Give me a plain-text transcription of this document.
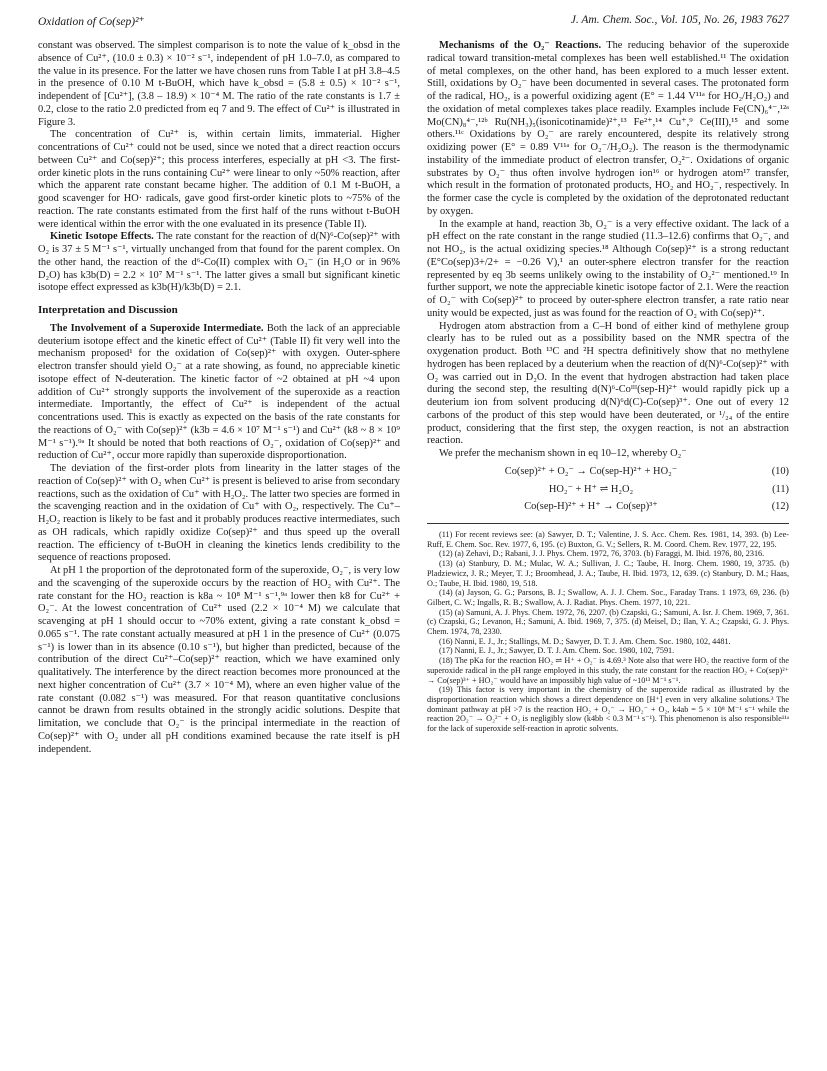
Oxidation of Co(sep)²⁺	J. Am. Chem. Soc., Vol. 105, No. 26, 1983 7627

constant was observed. The simplest comparison is to note the value of k_obsd in the absence of Cu²⁺, (10.0 ± 0.3) × 10⁻² s⁻¹, independent of pH 1.0–7.0, as compared to the value in its presence. For the latter we have chosen runs from Table I at pH 3.8–4.5 in the presence of 0.10 M t-BuOH, which have k_obsd = (5.8 ± 0.5) × 10⁻² s⁻¹, independent of [Cu²⁺], (3.8 – 18.9) × 10⁻⁴ M. The ratio of the rate constants is 1.7 ± 0.2, close to the ratio 2.0 predicted from eq 7 and 9. The effect of Cu²⁺ is illustrated in Figure 3.

The concentration of Cu²⁺ is, within certain limits, immaterial. Higher concentrations of Cu²⁺ could not be used, since we noted that a direct reaction occurs between Cu²⁺ and Co(sep)²⁺; this process interferes, especially at pH <3. The first-order kinetic plots in the runs containing Cu²⁺ were linear to only ~50% reaction, after which the apparent rate constant became higher. The addition of 0.1 M t-BuOH, a good scavenger for HO· radicals, gave good first-order kinetic plots to ~75% of the reaction. The rate constants estimated from the first half of the runs without t-BuOH were identical within the error with the one evaluated in its presence (Table II).

Kinetic Isotope Effects. The rate constant for the reaction of d(N)⁶-Co(sep)²⁺ with O₂ is 37 ± 5 M⁻¹ s⁻¹, virtually unchanged from that found for the parent complex. On the other hand, the reaction of the d⁶-Co(II) complex with O₂⁻ (in H₂O or in 96% D₂O) has k3b(D) = 2.2 × 10⁷ M⁻¹ s⁻¹. The latter gives a small but significant kinetic isotope effect expressed as k3b(H)/k3b(D) = 2.1.

Interpretation and Discussion

The Involvement of a Superoxide Intermediate. Both the lack of an appreciable deuterium isotope effect and the kinetic effect of Cu²⁺ (Table II) fit very well into the mechanism proposed¹ for the oxidation of Co(sep)²⁺ with oxygen. Outer-sphere electron transfer should yield O₂⁻ at a rate showing, as found, no appreciable kinetic isotope effect of N-deuteration. The kinetic factor of ~2 obtained at pH ~4 upon addition of Cu²⁺ strongly supports the involvement of the superoxide as a reaction intermediate. Importantly, the effect of Cu²⁺ is independent of the actual concentrations used. This is exactly as expected on the basis of the rate constants for the reactions of O₂⁻ with Co(sep)²⁺ (k3b = 4.6 × 10⁷ M⁻¹ s⁻¹) and Cu²⁺ (k8 ~ 8 × 10⁹ M⁻¹ s⁻¹).⁹ᵃ It should be noted that both reactions of O₂⁻, oxidation of Co(sep)²⁺ and reduction of Cu²⁺, occur more rapidly than superoxide disproportionation.

The deviation of the first-order plots from linearity in the latter stages of the reaction of Co(sep)²⁺ with O₂ when Cu²⁺ is present is believed to arise from secondary reactions, such as the oxidation of Cu⁺ with H₂O₂. The latter two species are formed in the scavenging reaction and in the oxidation of Cu⁺ with O₂, respectively. The Cu⁺–H₂O₂ reaction is likely to be fast and it probably produces reactive intermediates, such as OH radicals, which rapidly oxidize Co(sep)²⁺ and thus speed up the overall reaction. The efficiency of t-BuOH in cleaning the kinetics lends credibility to the sequence of reactions proposed.

At pH 1 the proportion of the deprotonated form of the superoxide, O₂⁻, is very low and the scavenging of the superoxide occurs by the reaction of HO₂ with Cu²⁺. The rate constant for the HO₂ reaction is k8a ~ 10⁸ M⁻¹ s⁻¹,⁹ᵃ lower then k8 for Cu²⁺ + O₂⁻. At the lowest concentration of Cu²⁺ used (2.2 × 10⁻⁴ M) we calculate that scavenging at pH 1 should occur to ~70% extent, giving a rate constant k_obsd = 0.065 s⁻¹. The rate constant actually measured at pH 1 in the presence of Cu²⁺ (0.075 s⁻¹) is lower than in its absence (0.10 s⁻¹), but higher than predicted, because of the contribution of the direct Cu²⁺–Co(sep)²⁺ reaction, which we have examined only qualitatively. The interference by the direct reaction becomes more pronounced at the next higher concentration of Cu²⁺ (3.7 × 10⁻⁴ M), where an even higher value of the rate constant (0.082 s⁻¹) was measured. For that reason quantitative conclusions cannot be drawn from results obtained in the strongly acidic solutions. Despite that limitation, we conclude that O₂⁻ is the principal intermediate in the reaction of Co(sep)²⁺ with O₂ under all pH conditions examined because the rate itself is pH independent.

Mechanisms of the O₂⁻ Reactions. The reducing behavior of the superoxide radical toward transition-metal complexes has been well established.¹¹ The oxidation of metal complexes, on the other hand, has been explored to a much lesser extent. Still, oxidations by O₂⁻ have been documented in several cases. The protonated form of the radical, HO₂, is a powerful oxidizing agent (E° = 1.44 V¹¹ᵃ for HO₂/H₂O₂) and the oxidation of metal complexes takes place readily. Examples include Fe(CN)₆⁴⁻,¹²ᵃ Mo(CN)₈⁴⁻,¹²ᵇ Ru(NH₃)₅(isonicotinamide)²⁺,¹³ Fe²⁺,¹⁴ Cu⁺,⁹ Ce(III),¹⁵ and some others.¹¹ᶜ Oxidations by O₂⁻ are rarely encountered, despite its relatively strong oxidizing power (E° = 0.89 V¹¹ᵃ for O₂⁻/H₂O₂). The reason is the thermodynamic instability of the immediate product of electron transfer, O₂²⁻. Oxidations of organic substrates by O₂⁻ thus often involve hydrogen ion¹⁶ or hydrogen atom¹⁷ transfer, which result in the formation of protonated products, HO₂ and HO₂⁻, respectively. In the former case the cycle is completed by the oxidation of the deprotonated reductant by oxygen.

In the example at hand, reaction 3b, O₂⁻ is a very effective oxidant. The lack of a pH effect on the rate constant in the range studied (11.3–12.6) confirms that O₂⁻, and not HO₂, is the actual oxidizing species.¹⁸ Although Co(sep)²⁺ is a strong reductant (E°Co(sep)3+/2+ = −0.26 V),¹ an outer-sphere electron transfer for the reaction represented by eq 3b seems unlikely owing to the instability of O₂²⁻ mentioned.¹⁹ In further support, we note the appreciable kinetic isotope factor of 2.1. Were the reaction of O₂⁻ with Co(sep)²⁺ to proceed by outer-sphere electron transfer, a rate ratio near unity would be expected, just as was found for the reaction of O₂ with Co(sep)²⁺.

Hydrogen atom abstraction from a C–H bond of either kind of methylene group clearly has to be ruled out as a possibility based on the NMR spectra of the oxygenation product. Both ¹³C and ²H spectra definitively show that no methylene hydrogen has been replaced by a deuterium when the reaction of d(N)⁶-Co(sep)²⁺ with O₂ was carried out in D₂O. In the event that hydrogen abstraction had taken place during the second step, the resulting d(N)⁶-Coᴵᴵᴵ(sep-H)²⁺ would rapidly pick up a deuterium ion from solvent producing d(N)⁶d(C)-Co(sep)³⁺. One out of every 12 carbons of the product of this step would have been deuterated, or ¹/₂₄ of the entire product, considering that the first step, the oxygen reaction, is not an abstraction reaction.

We prefer the mechanism shown in eq 10–12, whereby O₂⁻

Co(sep)²⁺ + O₂⁻ → Co(sep-H)²⁺ + HO₂⁻	(10)
HO₂⁻ + H⁺ ⇌ H₂O₂	(11)
Co(sep-H)²⁺ + H⁺ → Co(sep)³⁺	(12)

(11) For recent reviews see: (a) Sawyer, D. T.; Valentine, J. S. Acc. Chem. Res. 1981, 14, 393. (b) Lee-Ruff, E. Chem. Soc. Rev. 1977, 6, 195. (c) Buxton, G. V.; Sellers, R. M. Coord. Chem. Rev. 1977, 22, 195.

(12) (a) Zehavi, D.; Rabani, J. J. Phys. Chem. 1972, 76, 3703. (b) Faraggi, M. Ibid. 1976, 80, 2316.

(13) (a) Stanbury, D. M.; Mulac, W. A.; Sullivan, J. C.; Taube, H. Inorg. Chem. 1980, 19, 3735. (b) Pladziewicz, J. R.; Meyer, T. J.; Broomhead, J. A.; Taube, H. Ibid. 1973, 12, 639. (c) Stanbury, D. M.; Haas, O.; Taube, H. Ibid. 1980, 19, 518.

(14) (a) Jayson, G. G.; Parsons, B. J.; Swallow, A. J. J. Chem. Soc., Faraday Trans. 1 1973, 69, 236. (b) Gilbert, C. W.; Ingalls, R. B.; Swallow, A. J. Radiat. Phys. Chem. 1977, 10, 221.

(15) (a) Samuni, A. J. Phys. Chem. 1972, 76, 2207. (b) Czapski, G.; Samuni, A. Isr. J. Chem. 1969, 7, 361. (c) Czapski, G.; Levanon, H.; Samuni, A. Ibid. 1969, 7, 375. (d) Meisel, D.; Ilan, Y. A.; Czapski, G. J. Phys. Chem. 1974, 78, 2330.

(16) Nanni, E. J., Jr.; Stallings, M. D.; Sawyer, D. T. J. Am. Chem. Soc. 1980, 102, 4481.

(17) Nanni, E. J., Jr.; Sawyer, D. T. J. Am. Chem. Soc. 1980, 102, 7591.

(18) The pKa for the reaction HO₂ ⇌ H⁺ + O₂⁻ is 4.69.³ Note also that were HO₂ the reactive form of the superoxide radical in the pH range employed in this study, the rate constant for the reaction HO₂ + Co(sep)²⁺ → Co(sep)³⁺ + HO₂⁻ would have an impossibly high value of ~10¹³ M⁻¹ s⁻¹.

(19) This factor is very important in the chemistry of the superoxide radical as illustrated by the disproportionation reaction which shows a direct dependence on [H⁺] even in very alkaline solutions.³ The dominant pathway at pH >7 is the reaction HO₂ + O₂⁻ → HO₂⁻ + O₂, k4ab = 5 × 10⁸ M⁻¹ s⁻¹ while the reaction 2O₂⁻ → O₂²⁻ + O₂ is negligibly slow (k4bb < 0.3 M⁻¹ s⁻¹). This phenomenon is also responsible¹¹ᵃ for the lack of superoxide self-reaction in aprotic solvents.
